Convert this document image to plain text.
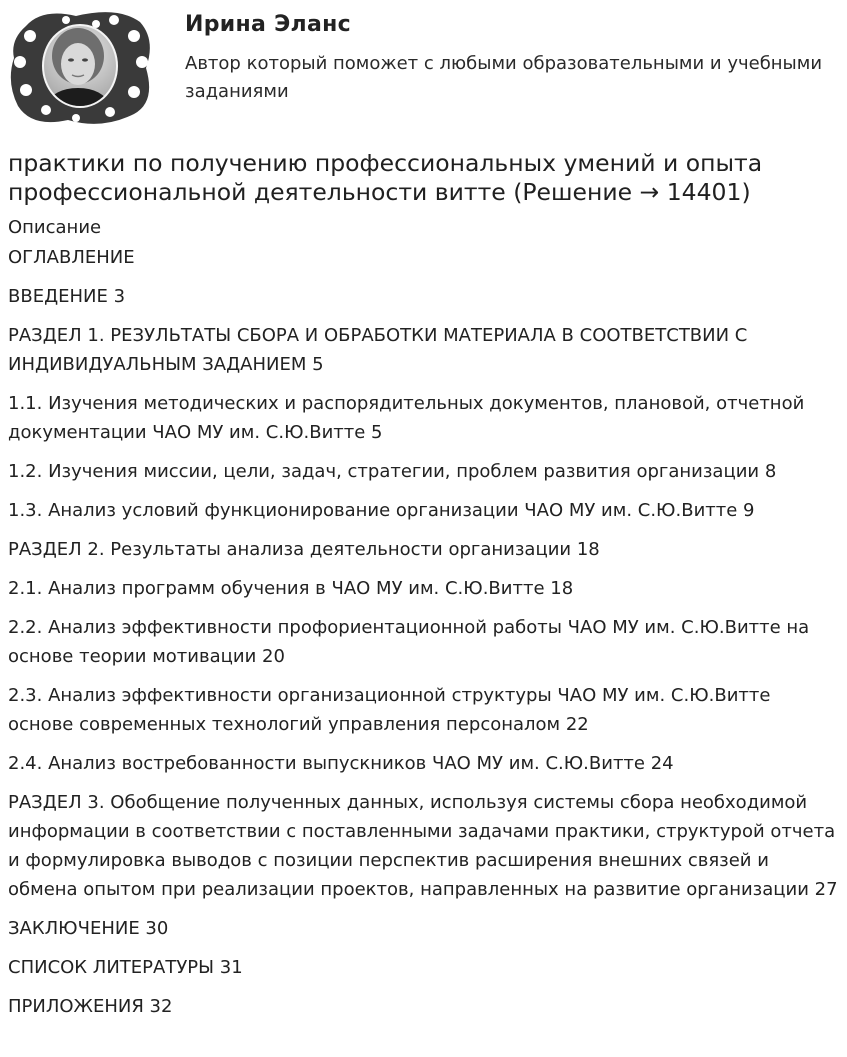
Ирина Эланс
Автор который поможет с любыми образовательными и учебными заданиями
практики по получению профессиональных умений и опыта профессиональной деятельности витте (Решение → 14401)
Описание

ОГЛАВЛЕНИЕ

ВВЕДЕНИЕ 3

РАЗДЕЛ 1. РЕЗУЛЬТАТЫ СБОРА И ОБРАБОТКИ МАТЕРИАЛА В СООТВЕТСТВИИ С ИНДИВИДУАЛЬНЫМ ЗАДАНИЕМ 5

1.1. Изучения методических и распорядительных документов, плановой, отчетной документации ЧАО МУ им. С.Ю.Витте 5

1.2. Изучения миссии, цели, задач, стратегии, проблем развития организации 8

1.3. Анализ условий функционирование организации ЧАО МУ им. С.Ю.Витте 9

РАЗДЕЛ 2. Результаты анализа деятельности организации 18

2.1. Анализ программ обучения в ЧАО МУ им. С.Ю.Витте 18

2.2. Анализ эффективности профориентационной работы ЧАО МУ им. С.Ю.Витте на основе теории мотивации 20

2.3. Анализ эффективности организационной структуры ЧАО МУ им. С.Ю.Витте основе современных технологий управления персоналом 22

2.4. Анализ востребованности выпускников ЧАО МУ им. С.Ю.Витте 24

РАЗДЕЛ 3. Обобщение полученных данных, используя системы сбора необходимой информации в соответствии с поставленными задачами практики, структурой отчета и формулировка выводов с позиции перспектив расширения внешних связей и обмена опытом при реализации проектов, направленных на развитие организации 27

ЗАКЛЮЧЕНИЕ 30

СПИСОК ЛИТЕРАТУРЫ 31

ПРИЛОЖЕНИЯ 32
